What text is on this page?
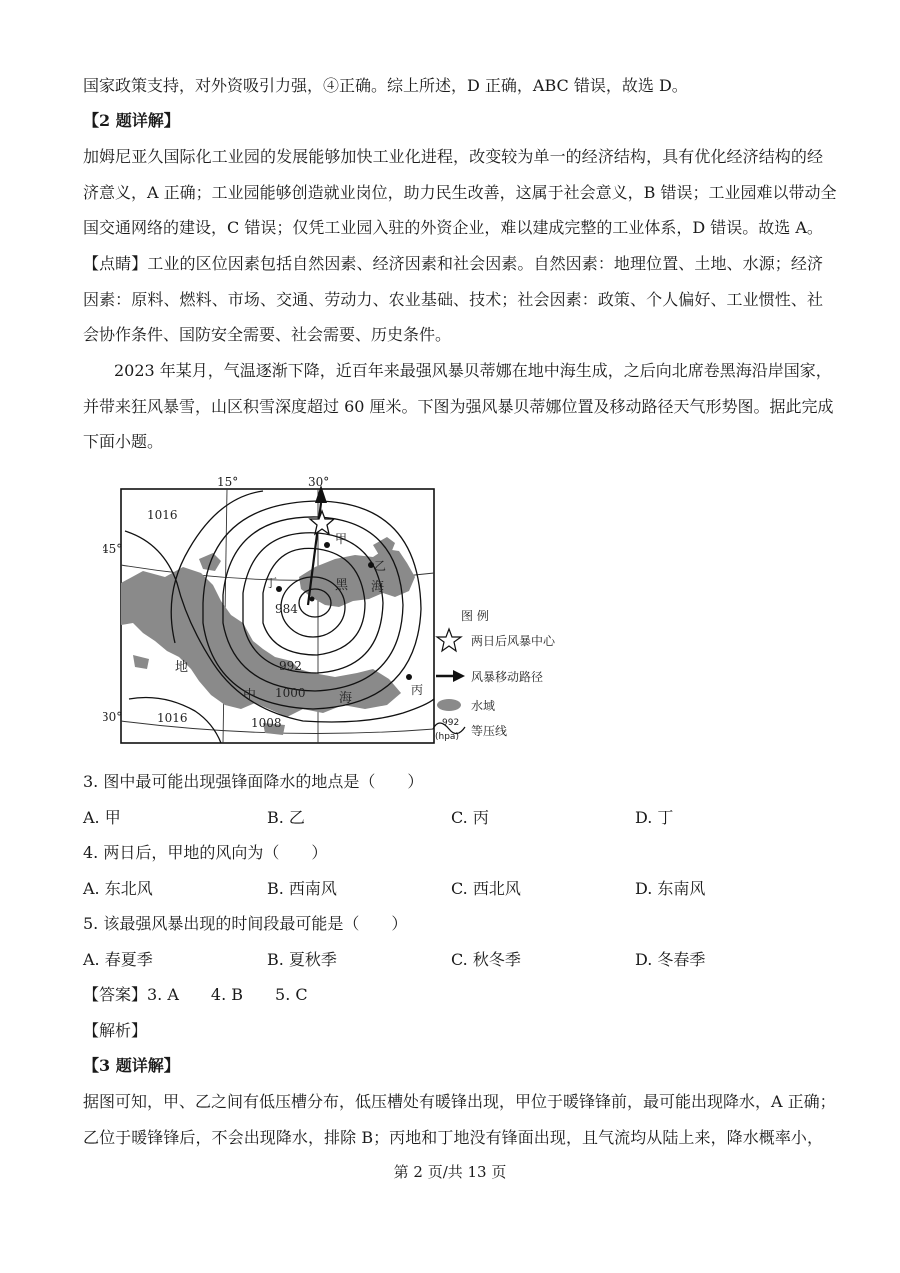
国家政策支持，对外资吸引力强，④正确。综上所述，D 正确，ABC 错误，故选 D。
【2 题详解】
加姆尼亚久国际化工业园的发展能够加快工业化进程，改变较为单一的经济结构，具有优化经济结构的经
济意义，A 正确；工业园能够创造就业岗位，助力民生改善，这属于社会意义，B 错误；工业园难以带动全
国交通网络的建设，C 错误；仅凭工业园入驻的外资企业，难以建成完整的工业体系，D 错误。故选 A。
【点睛】工业的区位因素包括自然因素、经济因素和社会因素。自然因素：地理位置、土地、水源；经济
因素：原料、燃料、市场、交通、劳动力、农业基础、技术；社会因素：政策、个人偏好、工业惯性、社
会协作条件、国防安全需要、社会需要、历史条件。
2023 年某月，气温逐渐下降，近百年来最强风暴贝蒂娜在地中海生成，之后向北席卷黑海沿岸国家，
并带来狂风暴雪，山区积雪深度超过 60 厘米。下图为强风暴贝蒂娜位置及移动路径天气形势图。据此完成
下面小题。
15°	30°
45°
30°
1016
984
992
1000
1008
1016
甲
乙
丙
丁	黑 海
地
中	海
图 例
两日后风暴中心
风暴移动路径
水域
992
(hpa) 等压线
3. 图中最可能出现强锋面降水的地点是（　　）
A. 甲	B. 乙	C. 丙	D. 丁
4. 两日后，甲地的风向为（　　）
A. 东北风	B. 西南风	C. 西北风	D. 东南风
5. 该最强风暴出现的时间段最可能是（　　）
A. 春夏季	B. 夏秋季	C. 秋冬季	D. 冬春季
【答案】3. A　　4. B　　5. C
【解析】
【3 题详解】
据图可知，甲、乙之间有低压槽分布，低压槽处有暖锋出现，甲位于暖锋锋前，最可能出现降水，A 正确；
乙位于暖锋锋后，不会出现降水，排除 B；丙地和丁地没有锋面出现，且气流均从陆上来，降水概率小，
第 2 页/共 13 页
